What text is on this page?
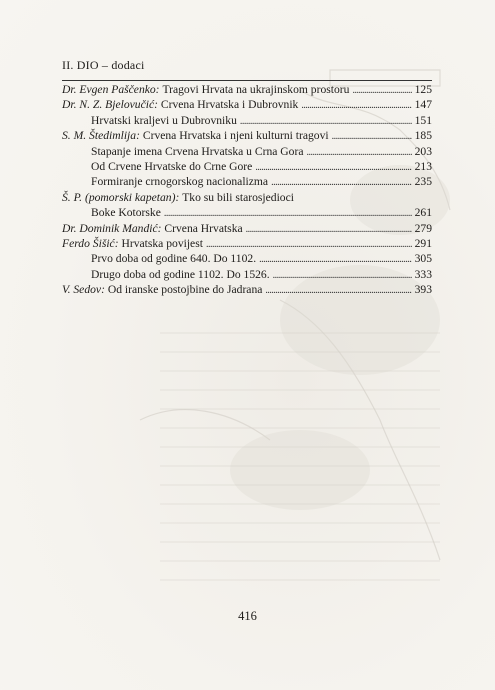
II. DIO – dodaci
Dr. Evgen Paščenko:
Tragovi Hrvata na ukrajinskom prostoru . . .	125
Dr. N. Z. Bjelovučić:
Crvena Hrvatska i Dubrovnik . . .	147
Hrvatski kraljevi u Dubrovniku . . .	151
S. M. Štedimlija:
Crvena Hrvatska i njeni kulturni tragovi . . .	185
Stapanje imena Crvena Hrvatska u Crna Gora . . .	203
Od Crvene Hrvatske do Crne Gore . . .	213
Formiranje crnogorskog nacionalizma . . .	235
Š. P. (pomorski kapetan):
Tko su bili starosjedioci
Boke Kotorske . . .	261
Dr. Dominik Mandić:
Crvena Hrvatska . . .	279
Ferdo Šišić:
Hrvatska povijest . . .	291
Prvo doba od godine 640. Do 1102. . . .	305
Drugo doba od godine 1102. Do 1526. . . .	333
V. Sedov:
Od iranske postojbine do Jadrana . . .	393
416
